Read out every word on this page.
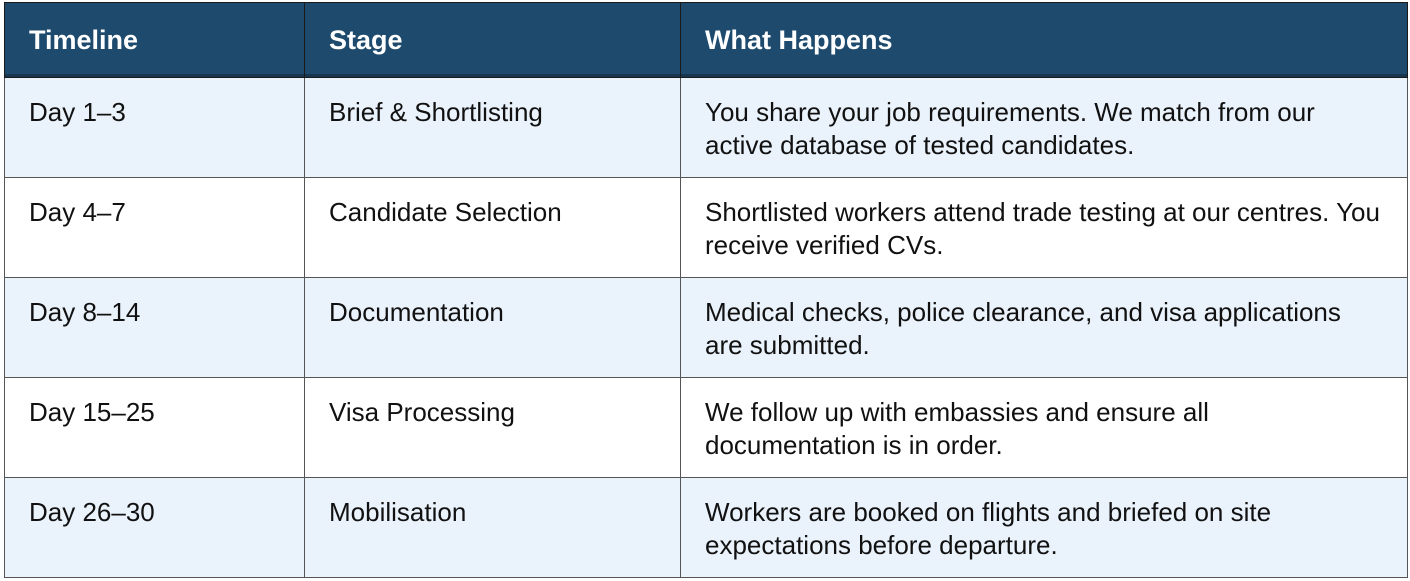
Timeline	Stage	What Happens
Day 1–3	Brief & Shortlisting	You share your job requirements. We match from our active database of tested candidates.
Day 4–7	Candidate Selection	Shortlisted workers attend trade testing at our centres. You receive verified CVs.
Day 8–14	Documentation	Medical checks, police clearance, and visa applications are submitted.
Day 15–25	Visa Processing	We follow up with embassies and ensure all documentation is in order.
Day 26–30	Mobilisation	Workers are booked on flights and briefed on site expectations before departure.
